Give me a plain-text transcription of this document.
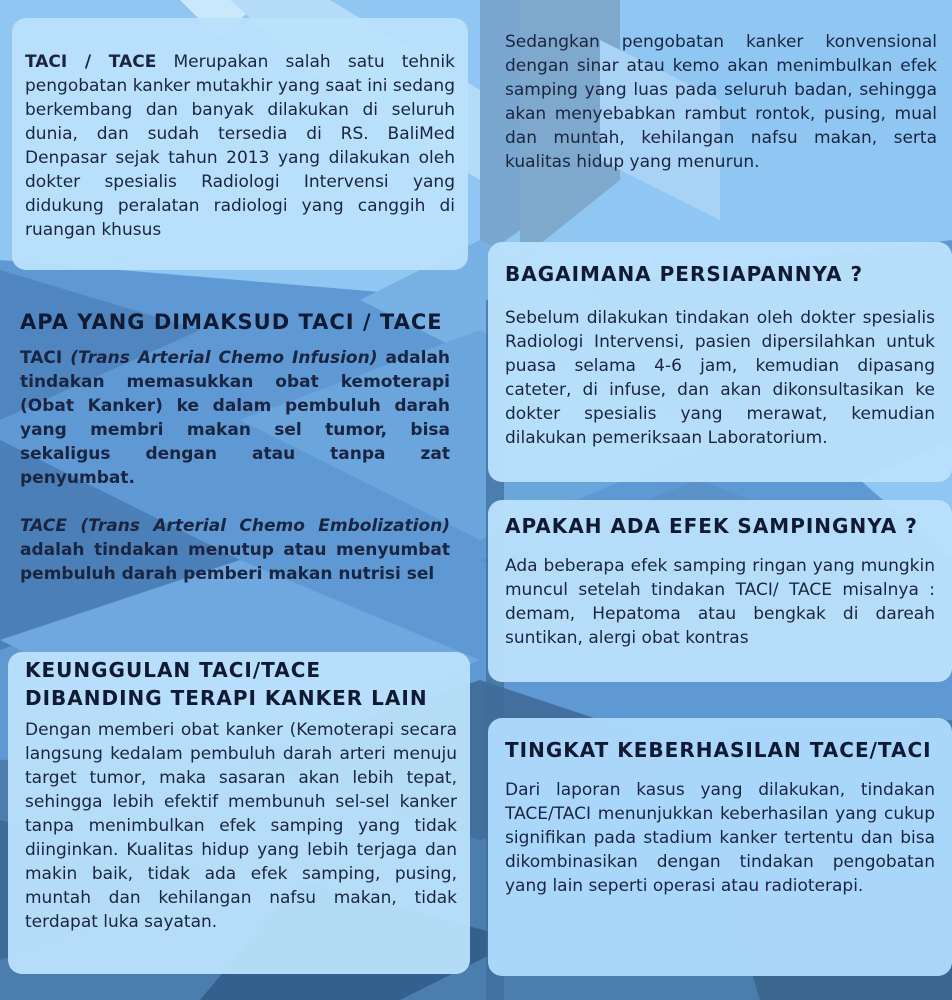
TACI / TACE Merupakan salah satu tehnik pengobatan kanker mutakhir yang saat ini sedang berkembang dan banyak dilakukan di seluruh dunia, dan sudah tersedia di RS. BaliMed Denpasar sejak tahun 2013 yang dilakukan oleh dokter spesialis Radiologi Intervensi yang didukung peralatan radiologi yang canggih di ruangan khusus

Sedangkan pengobatan kanker konvensional dengan sinar atau kemo akan menimbulkan efek samping yang luas pada seluruh badan, sehingga akan menyebabkan rambut rontok, pusing, mual dan muntah, kehilangan nafsu makan, serta kualitas hidup yang menurun.

APA YANG DIMAKSUD TACI / TACE

TACI (Trans Arterial Chemo Infusion) adalah tindakan memasukkan obat kemoterapi (Obat Kanker) ke dalam pembuluh darah yang membri makan sel tumor, bisa sekaligus dengan atau tanpa zat penyumbat.

TACE (Trans Arterial Chemo Embolization) adalah tindakan menutup atau menyumbat pembuluh darah pemberi makan nutrisi sel

BAGAIMANA PERSIAPANNYA ?

Sebelum dilakukan tindakan oleh dokter spesialis Radiologi Intervensi, pasien dipersilahkan untuk puasa selama 4-6 jam, kemudian dipasang cateter, di infuse, dan akan dikonsultasikan ke dokter spesialis yang merawat, kemudian dilakukan pemeriksaan Laboratorium.

APAKAH ADA EFEK SAMPINGNYA ?

Ada beberapa efek samping ringan yang mungkin muncul setelah tindakan TACI/ TACE misalnya : demam, Hepatoma atau bengkak di dareah suntikan, alergi obat kontras

KEUNGGULAN TACI/TACE
DIBANDING TERAPI KANKER LAIN

Dengan memberi obat kanker (Kemoterapi secara langsung kedalam pembuluh darah arteri menuju target tumor, maka sasaran akan lebih tepat, sehingga lebih efektif membunuh sel-sel kanker tanpa menimbulkan efek samping yang tidak diinginkan. Kualitas hidup yang lebih terjaga dan makin baik, tidak ada efek samping, pusing, muntah dan kehilangan nafsu makan, tidak terdapat luka sayatan.

TINGKAT KEBERHASILAN TACE/TACI

Dari laporan kasus yang dilakukan, tindakan TACE/TACI menunjukkan keberhasilan yang cukup signifikan pada stadium kanker tertentu dan bisa dikombinasikan dengan tindakan pengobatan yang lain seperti operasi atau radioterapi.
